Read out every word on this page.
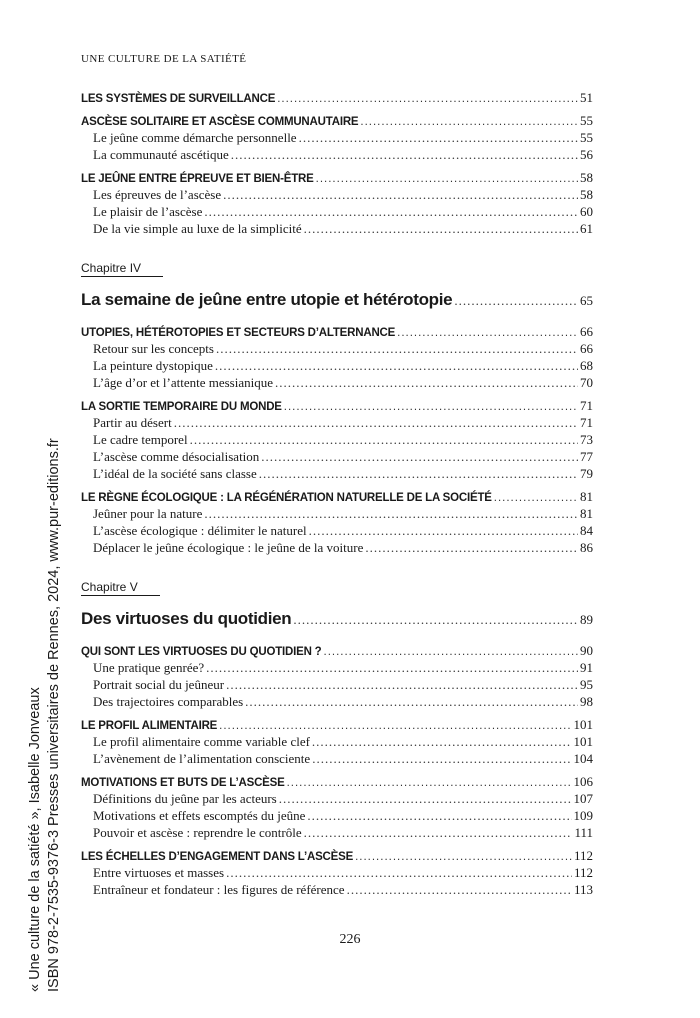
UNE CULTURE DE LA SATIÉTÉ
LES SYSTÈMES DE SURVEILLANCE .....	51
ASCÈSE SOLITAIRE ET ASCÈSE COMMUNAUTAIRE .....	55
Le jeûne comme démarche personnelle .....	55
La communauté ascétique .....	56
LE JEÛNE ENTRE ÉPREUVE ET BIEN-ÊTRE .....	58
Les épreuves de l’ascèse .....	58
Le plaisir de l’ascèse .....	60
De la vie simple au luxe de la simplicité .....	61
Chapitre IV
La semaine de jeûne entre utopie et hétérotopie .....	65
UTOPIES, HÉTÉROTOPIES ET SECTEURS D’ALTERNANCE .....	66
Retour sur les concepts .....	66
La peinture dystopique .....	68
L’âge d’or et l’attente messianique .....	70
LA SORTIE TEMPORAIRE DU MONDE .....	71
Partir au désert .....	71
Le cadre temporel .....	73
L’ascèse comme désocialisation .....	77
L’idéal de la société sans classe .....	79
LE RÈGNE ÉCOLOGIQUE : LA RÉGÉNÉRATION NATURELLE DE LA SOCIÉTÉ .....	81
Jeûner pour la nature .....	81
L’ascèse écologique : délimiter le naturel .....	84
Déplacer le jeûne écologique : le jeûne de la voiture .....	86
Chapitre V
Des virtuoses du quotidien .....	89
QUI SONT LES VIRTUOSES DU QUOTIDIEN ? .....	90
Une pratique genrée? .....	91
Portrait social du jeûneur .....	95
Des trajectoires comparables .....	98
LE PROFIL ALIMENTAIRE .....	101
Le profil alimentaire comme variable clef .....	101
L’avènement de l’alimentation consciente .....	104
MOTIVATIONS ET BUTS DE L’ASCÈSE .....	106
Définitions du jeûne par les acteurs .....	107
Motivations et effets escomptés du jeûne .....	109
Pouvoir et ascèse : reprendre le contrôle .....	111
LES ÉCHELLES D’ENGAGEMENT DANS L’ASCÈSE .....	112
Entre virtuoses et masses .....	112
Entraîneur et fondateur : les figures de référence .....	113
226
« Une culture de la satiété », Isabelle Jonveaux ISBN 978-2-7535-9376-3 Presses universitaires de Rennes, 2024, www.pur-editions.fr
